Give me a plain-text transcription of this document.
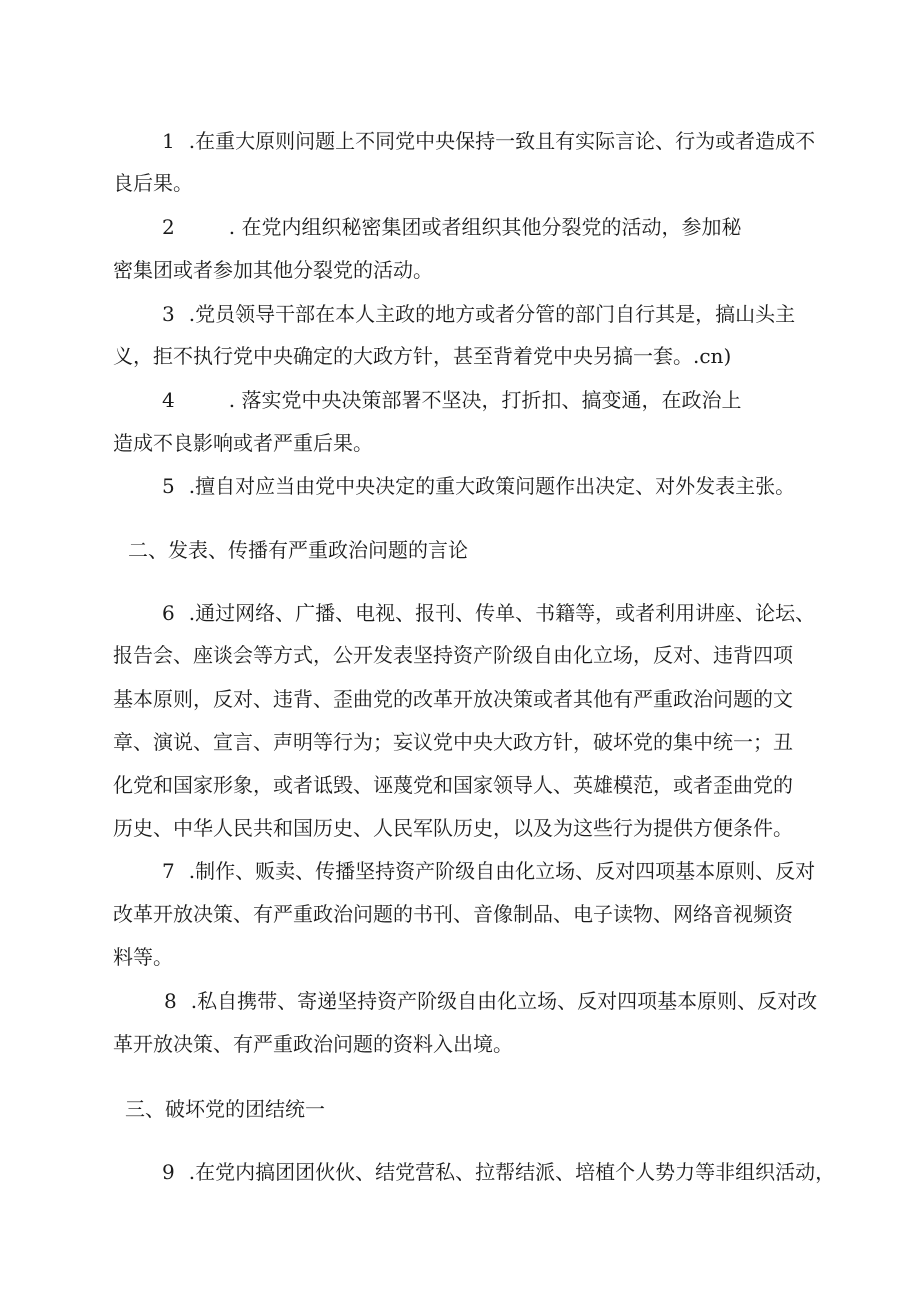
1 .在重大原则问题上不同党中央保持一致且有实际言论、行为或者造成不
良后果。
2	. 在党内组织秘密集团或者组织其他分裂党的活动，参加秘
密集团或者参加其他分裂党的活动。
3 .党员领导干部在本人主政的地方或者分管的部门自行其是，搞山头主
义，拒不执行党中央确定的大政方针，甚至背着党中央另搞一套。.cn)
4	. 落实党中央决策部署不坚决，打折扣、搞变通，在政治上
造成不良影响或者严重后果。
5 .擅自对应当由党中央决定的重大政策问题作出决定、对外发表主张。
二、发表、传播有严重政治问题的言论
6 .通过网络、广播、电视、报刊、传单、书籍等，或者利用讲座、论坛、
报告会、座谈会等方式，公开发表坚持资产阶级自由化立场，反对、违背四项
基本原则，反对、违背、歪曲党的改革开放决策或者其他有严重政治问题的文
章、演说、宣言、声明等行为；妄议党中央大政方针，破坏党的集中统一；丑
化党和国家形象，或者诋毁、诬蔑党和国家领导人、英雄模范，或者歪曲党的
历史、中华人民共和国历史、人民军队历史，以及为这些行为提供方便条件。
7 .制作、贩卖、传播坚持资产阶级自由化立场、反对四项基本原则、反对
改革开放决策、有严重政治问题的书刊、音像制品、电子读物、网络音视频资
料等。
8 .私自携带、寄递坚持资产阶级自由化立场、反对四项基本原则、反对改
革开放决策、有严重政治问题的资料入出境。
三、破坏党的团结统一
9 .在党内搞团团伙伙、结党营私、拉帮结派、培植个人势力等非组织活动，
